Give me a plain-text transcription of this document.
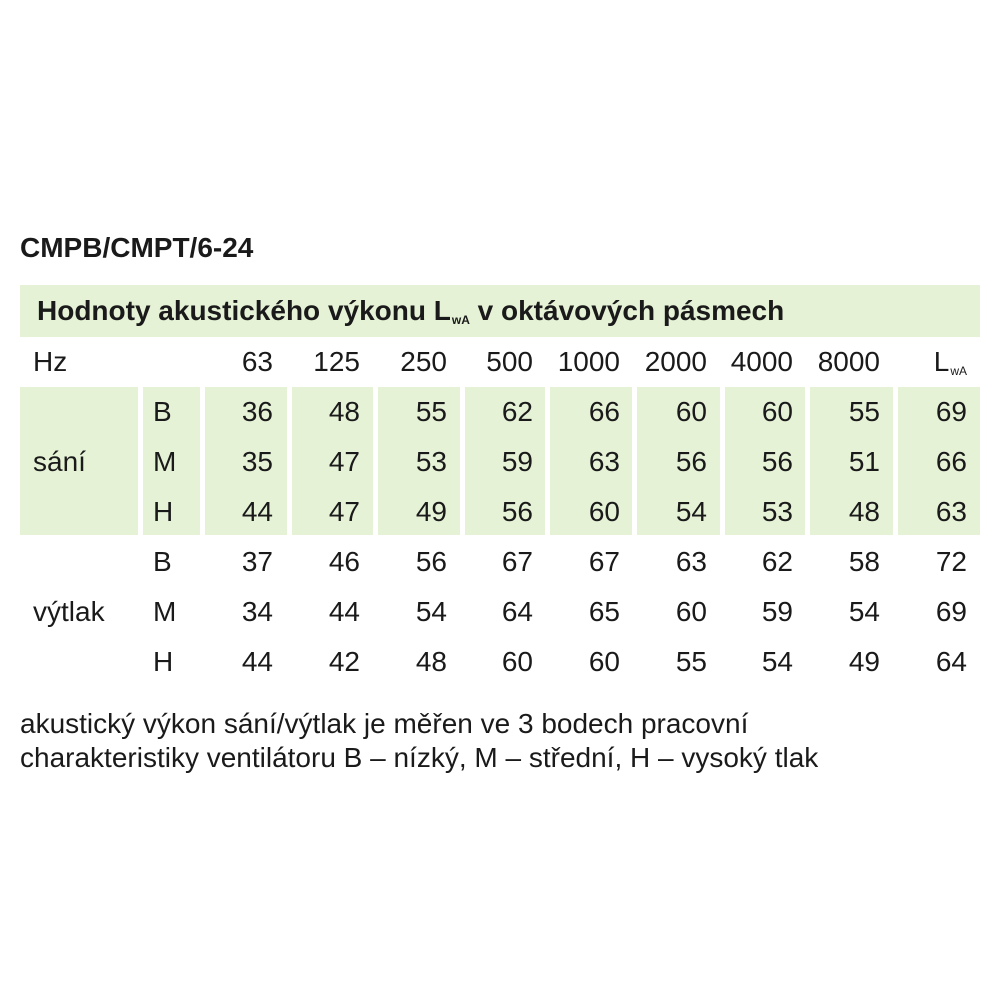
CMPB/CMPT/6-24
Hodnoty akustického výkonu $L_{wA}$ v oktávových pásmech
Hz	63	125	250	500 1000 2000 4000 8000	$L_{wA}$
sání
B	36	48	55	62	66	60	60	55	69
M	35	47	53	59	63	56	56	51	66
H	44	47	49	56	60	54	53	48	63
výtlak
B	37	46	56	67	67	63	62	58	72
M	34	44	54	64	65	60	59	54	69
H	44	42	48	60	60	55	54	49	64
akustický výkon sání/výtlak je měřen ve 3 bodech pracovní
charakteristiky ventilátoru B – nízký, M – střední, H – vysoký tlak
